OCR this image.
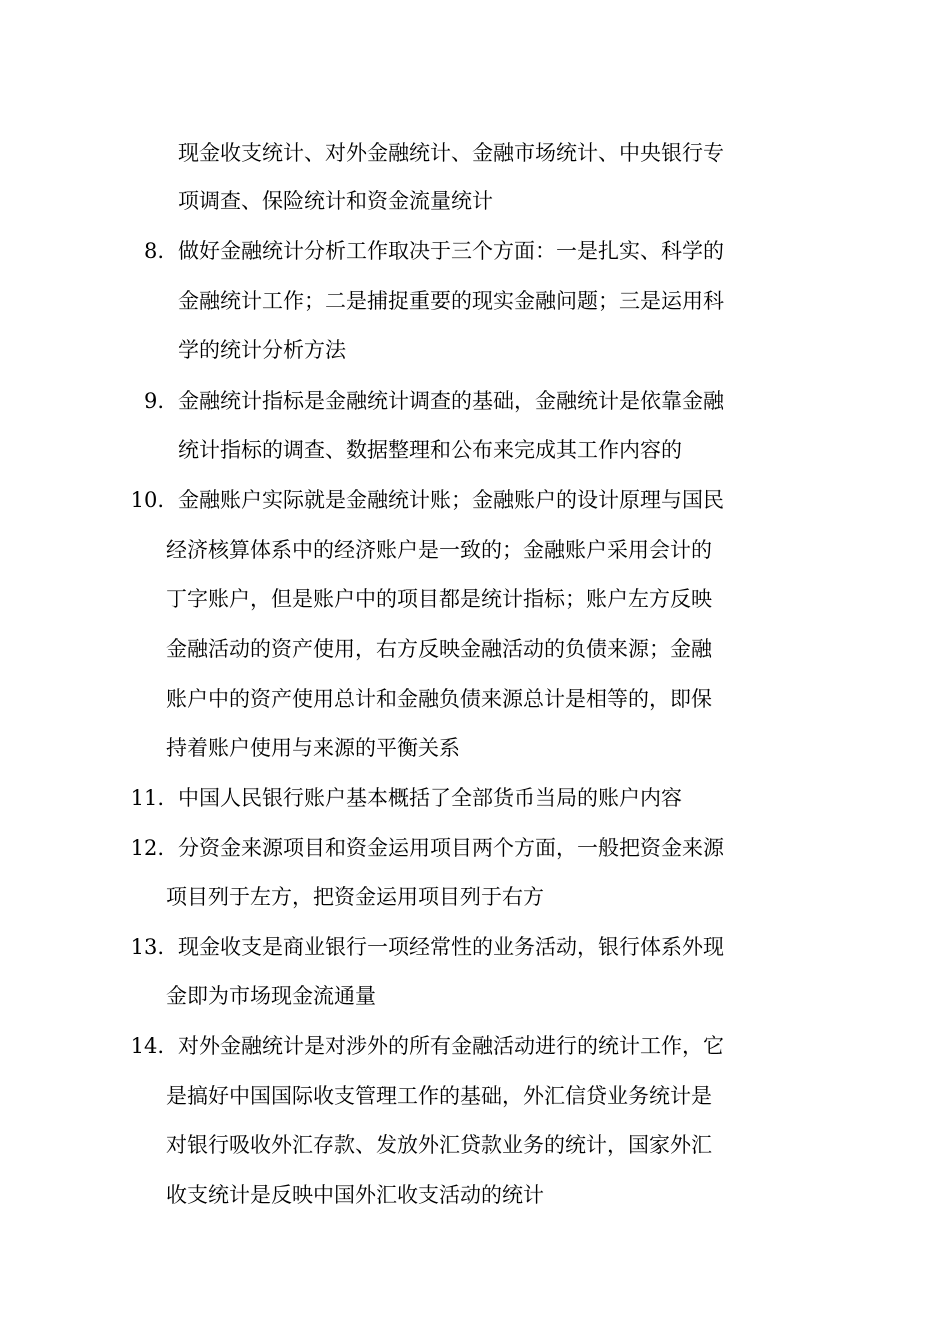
现金收支统计、对外金融统计、金融市场统计、中央银行专
项调查、保险统计和资金流量统计
8. 做好金融统计分析工作取决于三个方面：一是扎实、科学的
金融统计工作；二是捕捉重要的现实金融问题；三是运用科
学的统计分析方法
9. 金融统计指标是金融统计调查的基础，金融统计是依靠金融
统计指标的调查、数据整理和公布来完成其工作内容的
10. 金融账户实际就是金融统计账；金融账户的设计原理与国民
经济核算体系中的经济账户是一致的；金融账户采用会计的
丁字账户，但是账户中的项目都是统计指标；账户左方反映
金融活动的资产使用，右方反映金融活动的负债来源；金融
账户中的资产使用总计和金融负债来源总计是相等的，即保
持着账户使用与来源的平衡关系
11. 中国人民银行账户基本概括了全部货币当局的账户内容
12. 分资金来源项目和资金运用项目两个方面，一般把资金来源
项目列于左方，把资金运用项目列于右方
13. 现金收支是商业银行一项经常性的业务活动，银行体系外现
金即为市场现金流通量
14. 对外金融统计是对涉外的所有金融活动进行的统计工作，它
是搞好中国国际收支管理工作的基础，外汇信贷业务统计是
对银行吸收外汇存款、发放外汇贷款业务的统计，国家外汇
收支统计是反映中国外汇收支活动的统计
